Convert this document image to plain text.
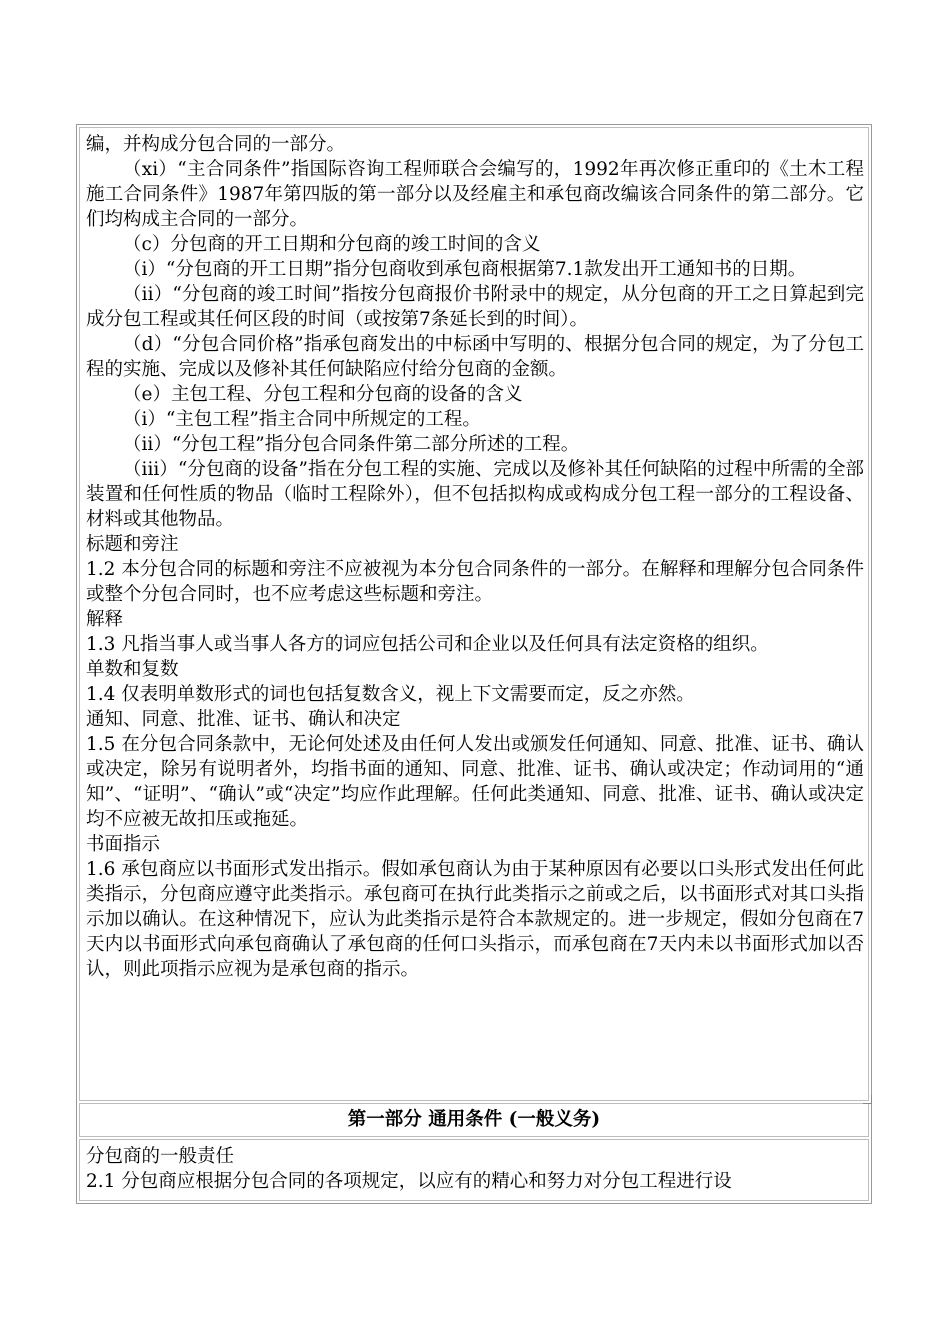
编，并构成分包合同的一部分。

（xi）“主合同条件”指国际咨询工程师联合会编写的，1992年再次修正重印的《土木工程施工合同条件》1987年第四版的第一部分以及经雇主和承包商改编该合同条件的第二部分。它们均构成主合同的一部分。

（c）分包商的开工日期和分包商的竣工时间的含义

（i）“分包商的开工日期”指分包商收到承包商根据第7.1款发出开工通知书的日期。

（ii）“分包商的竣工时间”指按分包商报价书附录中的规定，从分包商的开工之日算起到完成分包工程或其任何区段的时间（或按第7条延长到的时间）。

（d）“分包合同价格”指承包商发出的中标函中写明的、根据分包合同的规定，为了分包工程的实施、完成以及修补其任何缺陷应付给分包商的金额。

（e）主包工程、分包工程和分包商的设备的含义

（i）“主包工程”指主合同中所规定的工程。

（ii）“分包工程”指分包合同条件第二部分所述的工程。

（iii）“分包商的设备”指在分包工程的实施、完成以及修补其任何缺陷的过程中所需的全部装置和任何性质的物品（临时工程除外），但不包括拟构成或构成分包工程一部分的工程设备、材料或其他物品。

标题和旁注

1.2 本分包合同的标题和旁注不应被视为本分包合同条件的一部分。在解释和理解分包合同条件或整个分包合同时，也不应考虑这些标题和旁注。

解释

1.3 凡指当事人或当事人各方的词应包括公司和企业以及任何具有法定资格的组织。

单数和复数

1.4 仅表明单数形式的词也包括复数含义，视上下文需要而定，反之亦然。

通知、同意、批准、证书、确认和决定

1.5 在分包合同条款中，无论何处述及由任何人发出或颁发任何通知、同意、批准、证书、确认或决定，除另有说明者外，均指书面的通知、同意、批准、证书、确认或决定；作动词用的“通知”、“证明”、“确认”或“决定”均应作此理解。任何此类通知、同意、批准、证书、确认或决定均不应被无故扣压或拖延。

书面指示

1.6 承包商应以书面形式发出指示。假如承包商认为由于某种原因有必要以口头形式发出任何此类指示，分包商应遵守此类指示。承包商可在执行此类指示之前或之后，以书面形式对其口头指示加以确认。在这种情况下，应认为此类指示是符合本款规定的。进一步规定，假如分包商在7天内以书面形式向承包商确认了承包商的任何口头指示，而承包商在7天内未以书面形式加以否认，则此项指示应视为是承包商的指示。

第一部分 通用条件 (一般义务)

分包商的一般责任

2.1 分包商应根据分包合同的各项规定，以应有的精心和努力对分包工程进行设
